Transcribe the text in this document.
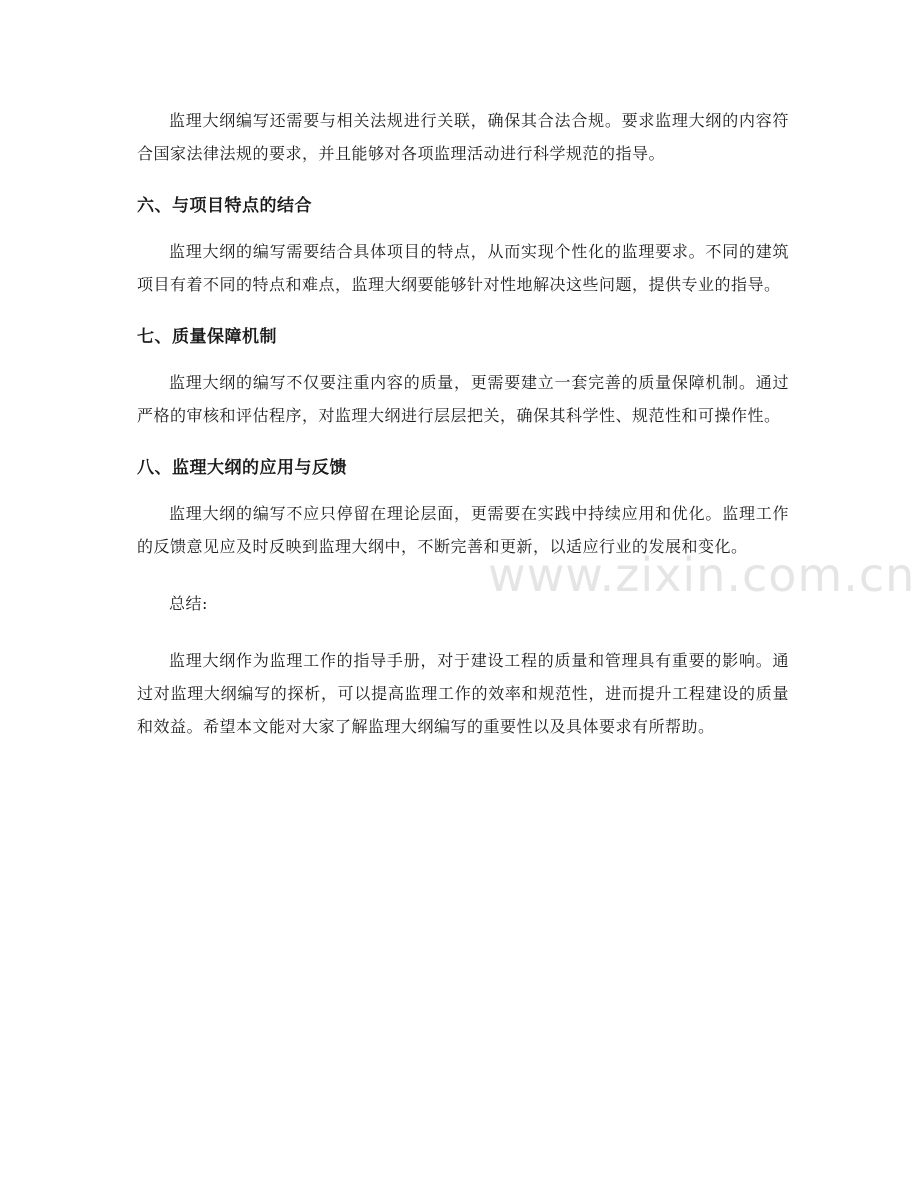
监理大纲编写还需要与相关法规进行关联，确保其合法合规。要求监理大纲的内容符合国家法律法规的要求，并且能够对各项监理活动进行科学规范的指导。

六、与项目特点的结合

监理大纲的编写需要结合具体项目的特点，从而实现个性化的监理要求。不同的建筑项目有着不同的特点和难点，监理大纲要能够针对性地解决这些问题，提供专业的指导。

七、质量保障机制

监理大纲的编写不仅要注重内容的质量，更需要建立一套完善的质量保障机制。通过严格的审核和评估程序，对监理大纲进行层层把关，确保其科学性、规范性和可操作性。

八、监理大纲的应用与反馈

监理大纲的编写不应只停留在理论层面，更需要在实践中持续应用和优化。监理工作的反馈意见应及时反映到监理大纲中，不断完善和更新，以适应行业的发展和变化。

总结:

监理大纲作为监理工作的指导手册，对于建设工程的质量和管理具有重要的影响。通过对监理大纲编写的探析，可以提高监理工作的效率和规范性，进而提升工程建设的质量和效益。希望本文能对大家了解监理大纲编写的重要性以及具体要求有所帮助。

www.zixin.com.cn
